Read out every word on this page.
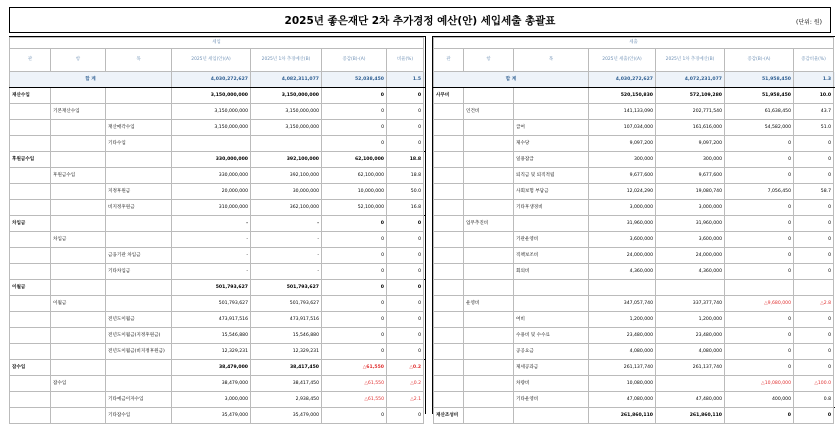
2025년 좋은재단 2차 추가경정 예산(안) 세입세출 총괄표	(단위: 원)
세입							
관	항	목	2025년 세입(안)(A)	2025년 1차 추경예산(B)	증감(B)-(A)	비율(%)	
합 계			4,030,272,627	4,082,311,077	52,038,450	1.5	
재산수입			3,150,000,000	3,150,000,000	0	0	
	기본재산수입		3,150,000,000	3,150,000,000	0	0	
		재산매각수입	3,150,000,000	3,150,000,000	0	0	
		기타수입			0	0	
후원금수입			330,000,000	392,100,000	62,100,000	18.8	
	후원금수입		330,000,000	392,100,000	62,100,000	18.8	
		지정후원금	20,000,000	30,000,000	10,000,000	50.0	
		비지정후원금	310,000,000	362,100,000	52,100,000	16.8	
차입금			-	-	0	0	
	차입금		-	-	0	0	
		금융기관 차입금	-	-	0	0	
		기타차입금	-	-	0	0	
이월금			501,793,627	501,793,627	0	0	
	이월금		501,793,627	501,793,627	0	0	
		전년도이월금	473,917,516	473,917,516	0	0	
		전년도이월금(지정후원금)	15,546,880	15,546,880	0	0	
		전년도이월금(비지정후원금)	12,329,231	12,329,231	0	0	
잡수입			38,479,000	38,417,450	△61,550	△0.2	
	잡수입		38,479,000	38,417,450	△61,550	△0.2	
		기타예금이자수입	3,000,000	2,938,450	△61,550	△2.1	
		기타잡수입	35,479,000	35,479,000	0	0	
세출							
관	항	목	2025년 세출(안)(A)	2025년 1차 추경예산(B)	증감(B)-(A)	증감비율(%)	
합 계			4,030,272,627	4,072,231,077	51,958,450	1.3	
사무비			520,150,830	572,109,280	51,958,450	10.0	
	인건비		141,133,090	202,771,540	61,638,450	43.7	
		급여	107,034,000	161,616,000	54,582,000	51.0	
		제수당	9,097,200	9,097,200	0	0	
		일용잡급	300,000	300,000	0	0	
		퇴직금 및 퇴직적립	9,677,600	9,677,600	0	0	
		사회보험 부담금	12,024,290	19,080,740	7,056,450	58.7	
		기타후생경비	3,000,000	3,000,000	0	0	
	업무추진비		31,960,000	31,960,000	0	0	
		기관운영비	3,600,000	3,600,000	0	0	
		직책보조비	24,000,000	24,000,000	0	0	
		회의비	4,360,000	4,360,000	0	0	

	운영비		347,057,740	337,377,740	△9,680,000	△2.8	
		여비	1,200,000	1,200,000	0	0	
		수용비 및 수수료	23,480,000	23,480,000	0	0	
		공공요금	4,080,000	4,080,000	0	0	
		제세공과금	261,137,740	261,137,740	0	0	
		차량비	10,080,000		△10,080,000	△100.0	
		기타운영비	47,080,000	47,480,000	400,000	0.8	
재산조성비			261,860,110	261,860,110	0	0	
